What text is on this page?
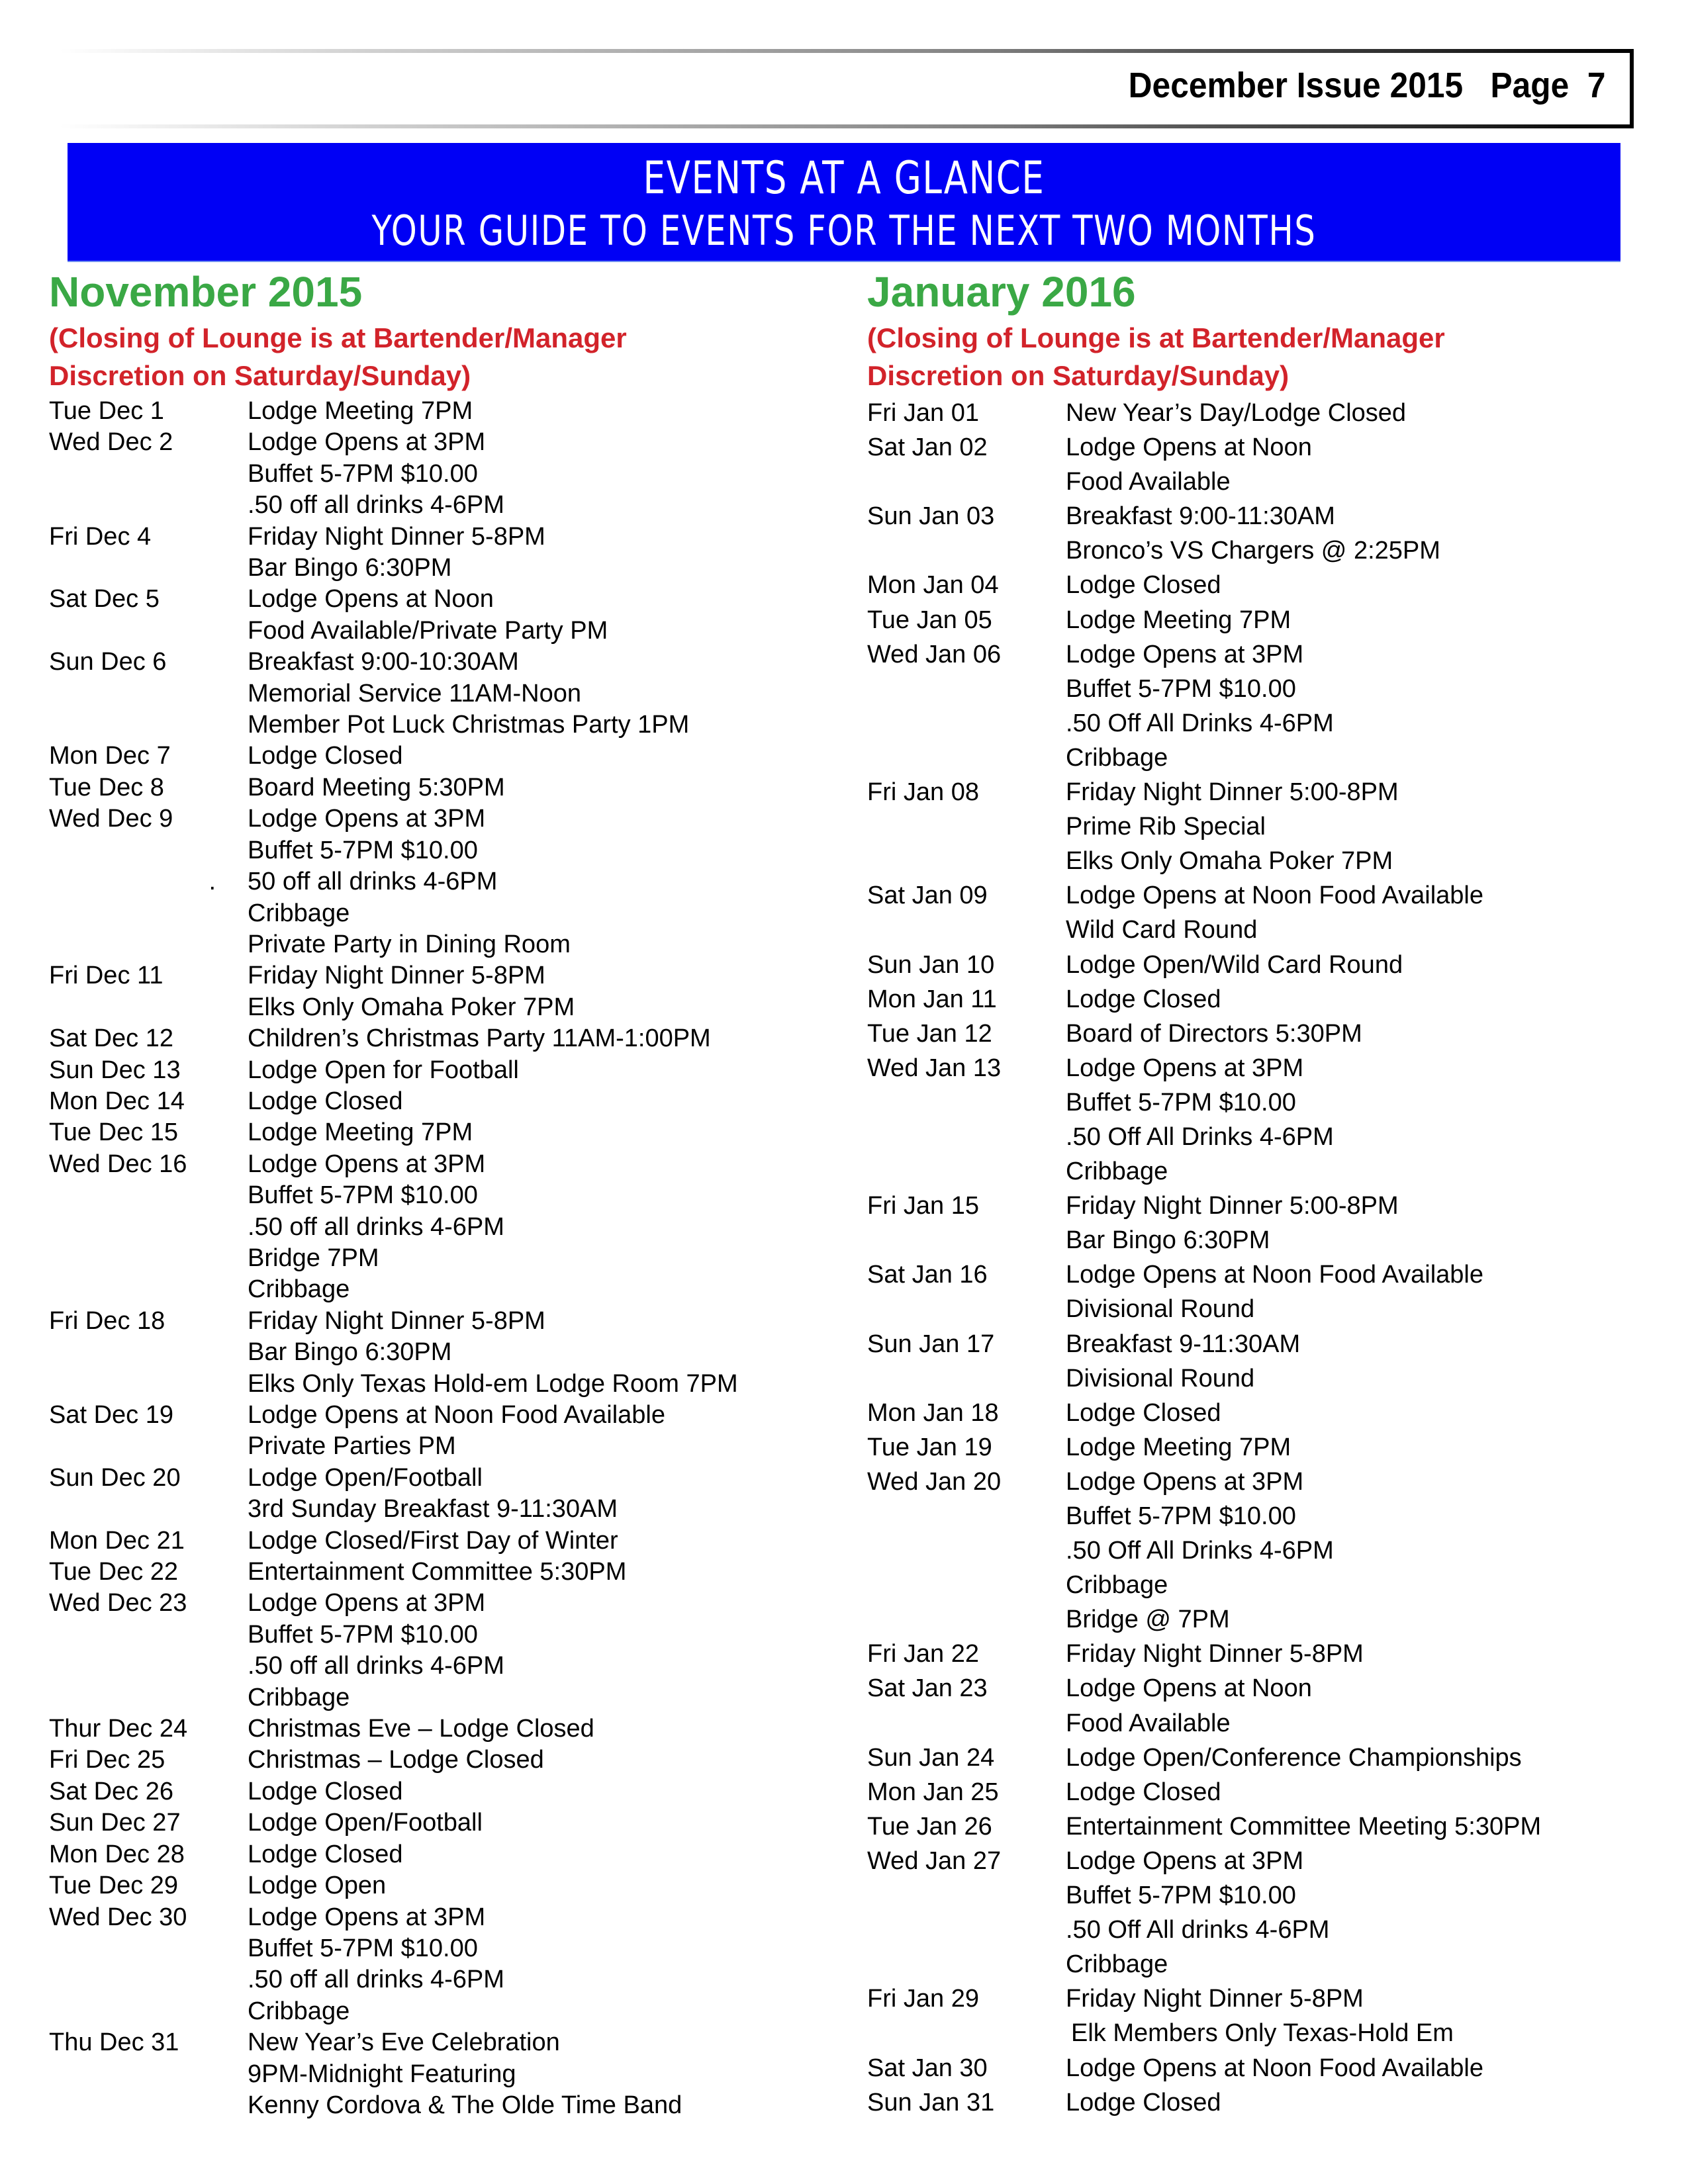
December Issue 2015 Page 7
EVENTS AT A GLANCE
YOUR GUIDE TO EVENTS FOR THE NEXT TWO MONTHS
November 2015
(Closing of Lounge is at Bartender/Manager
Discretion on Saturday/Sunday)
Tue Dec 1	Lodge Meeting 7PM
Wed Dec 2	Lodge Opens at 3PM
Buffet 5-7PM $10.00
.50 off all drinks 4-6PM
Fri Dec 4	Friday Night Dinner 5-8PM
Bar Bingo 6:30PM
Sat Dec 5	Lodge Opens at Noon
Food Available/Private Party PM
Sun Dec 6	Breakfast 9:00-10:30AM
Memorial Service 11AM-Noon
Member Pot Luck Christmas Party 1PM
Mon Dec 7	Lodge Closed
Tue Dec 8	Board Meeting 5:30PM
Wed Dec 9	Lodge Opens at 3PM
Buffet 5-7PM $10.00
. 50 off all drinks 4-6PM
Cribbage
Private Party in Dining Room
Fri Dec 11	Friday Night Dinner 5-8PM
Elks Only Omaha Poker 7PM
Sat Dec 12	Children’s Christmas Party 11AM-1:00PM
Sun Dec 13	Lodge Open for Football
Mon Dec 14	Lodge Closed
Tue Dec 15	Lodge Meeting 7PM
Wed Dec 16	Lodge Opens at 3PM
Buffet 5-7PM $10.00
.50 off all drinks 4-6PM
Bridge 7PM
Cribbage
Fri Dec 18	Friday Night Dinner 5-8PM
Bar Bingo 6:30PM
Elks Only Texas Hold-em Lodge Room 7PM
Sat Dec 19	Lodge Opens at Noon Food Available
Private Parties PM
Sun Dec 20	Lodge Open/Football
3rd Sunday Breakfast 9-11:30AM
Mon Dec 21	Lodge Closed/First Day of Winter
Tue Dec 22	Entertainment Committee 5:30PM
Wed Dec 23	Lodge Opens at 3PM
Buffet 5-7PM $10.00
.50 off all drinks 4-6PM
Cribbage
Thur Dec 24	Christmas Eve – Lodge Closed
Fri Dec 25	Christmas – Lodge Closed
Sat Dec 26	Lodge Closed
Sun Dec 27	Lodge Open/Football
Mon Dec 28	Lodge Closed
Tue Dec 29	Lodge Open
Wed Dec 30	Lodge Opens at 3PM
Buffet 5-7PM $10.00
.50 off all drinks 4-6PM
Cribbage
Thu Dec 31	New Year’s Eve Celebration
9PM-Midnight Featuring
Kenny Cordova & The Olde Time Band
January 2016
(Closing of Lounge is at Bartender/Manager
Discretion on Saturday/Sunday)
Fri Jan 01	New Year’s Day/Lodge Closed
Sat Jan 02	Lodge Opens at Noon
Food Available
Sun Jan 03	Breakfast 9:00-11:30AM
Bronco’s VS Chargers @ 2:25PM
Mon Jan 04	Lodge Closed
Tue Jan 05	Lodge Meeting 7PM
Wed Jan 06	Lodge Opens at 3PM
Buffet 5-7PM $10.00
.50 Off All Drinks 4-6PM
Cribbage
Fri Jan 08	Friday Night Dinner 5:00-8PM
Prime Rib Special
Elks Only Omaha Poker 7PM
Sat Jan 09	Lodge Opens at Noon Food Available
Wild Card Round
Sun Jan 10	Lodge Open/Wild Card Round
Mon Jan 11	Lodge Closed
Tue Jan 12	Board of Directors 5:30PM
Wed Jan 13	Lodge Opens at 3PM
Buffet 5-7PM $10.00
.50 Off All Drinks 4-6PM
Cribbage
Fri Jan 15	Friday Night Dinner 5:00-8PM
Bar Bingo 6:30PM
Sat Jan 16	Lodge Opens at Noon Food Available
Divisional Round
Sun Jan 17	Breakfast 9-11:30AM
Divisional Round
Mon Jan 18	Lodge Closed
Tue Jan 19	Lodge Meeting 7PM
Wed Jan 20	Lodge Opens at 3PM
Buffet 5-7PM $10.00
.50 Off All Drinks 4-6PM
Cribbage
Bridge @ 7PM
Fri Jan 22	Friday Night Dinner 5-8PM
Sat Jan 23	Lodge Opens at Noon
Food Available
Sun Jan 24	Lodge Open/Conference Championships
Mon Jan 25	Lodge Closed
Tue Jan 26	Entertainment Committee Meeting 5:30PM
Wed Jan 27	Lodge Opens at 3PM
Buffet 5-7PM $10.00
.50 Off All drinks 4-6PM
Cribbage
Fri Jan 29	Friday Night Dinner 5-8PM
Elk Members Only Texas-Hold Em
Sat Jan 30	Lodge Opens at Noon Food Available
Sun Jan 31	Lodge Closed
